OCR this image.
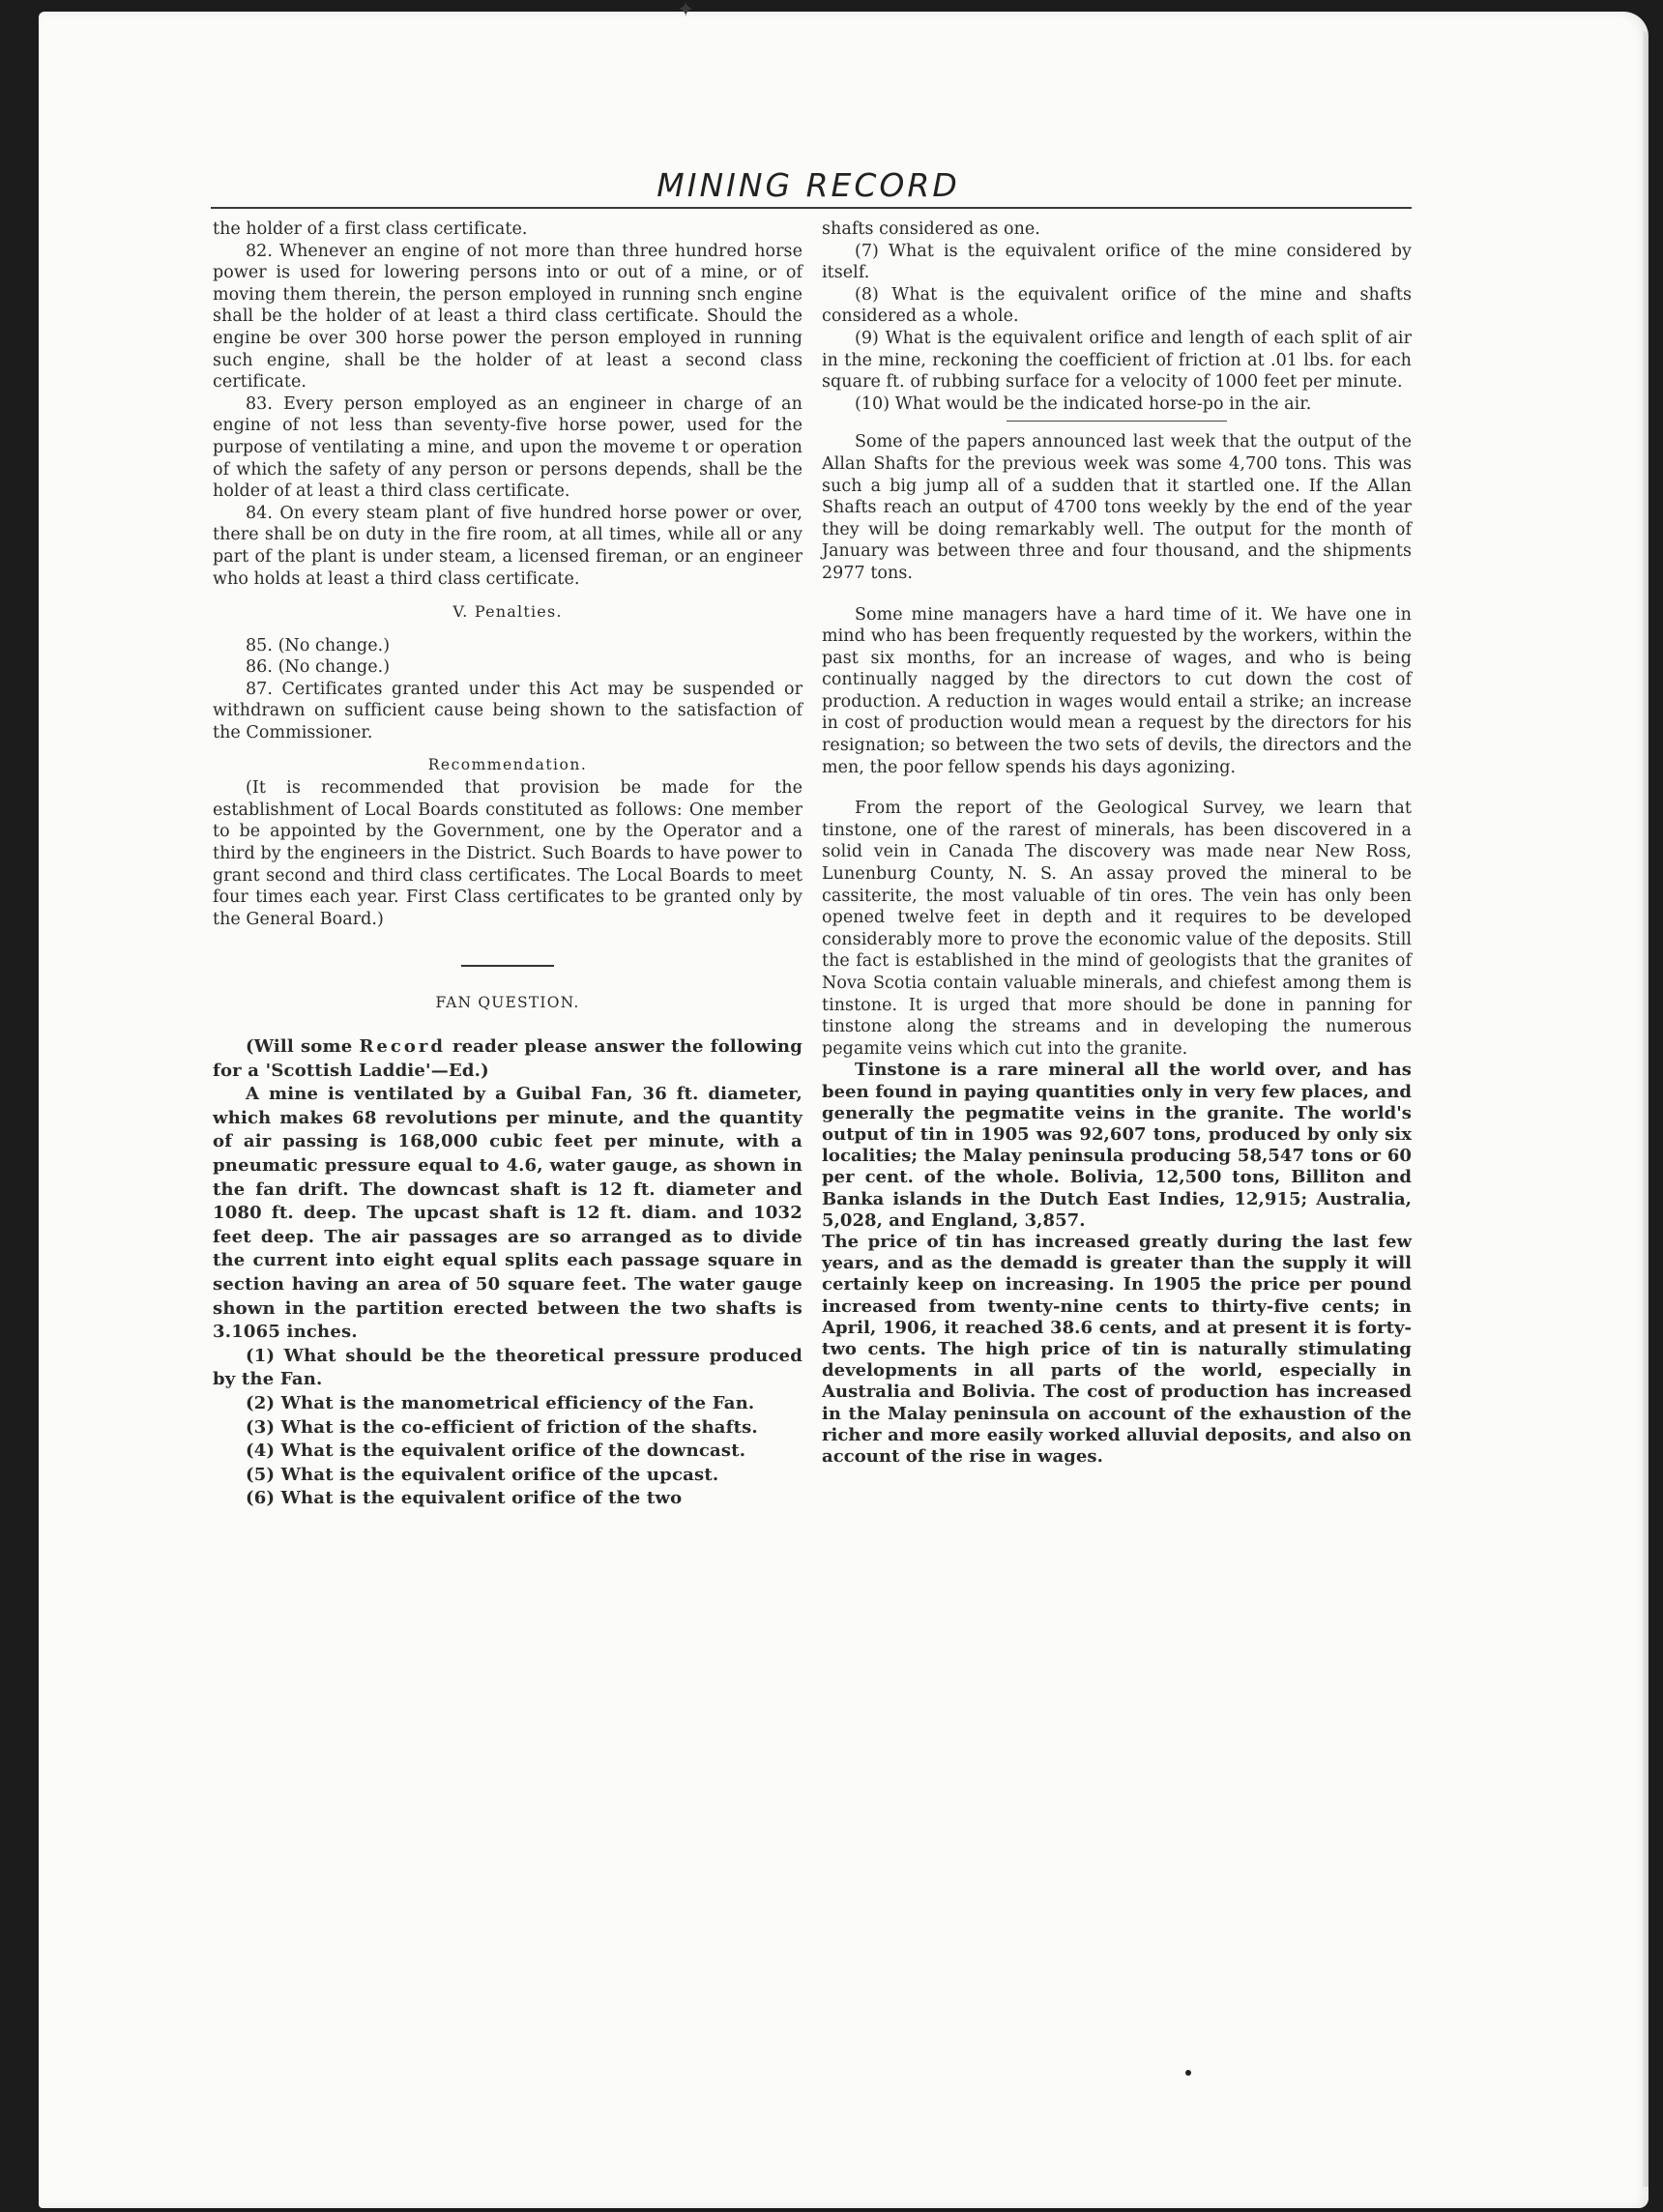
✦
MINING RECORD

the holder of a first class certificate.

82. Whenever an engine of not more than three hundred horse power is used for lowering persons into or out of a mine, or of moving them therein, the person employed in running snch engine shall be the holder of at least a third class certificate. Should the engine be over 300 horse power the person employed in running such engine, shall be the holder of at least a second class certificate.

83. Every person employed as an engineer in charge of an engine of not less than seventy-five horse power, used for the purpose of ventilating a mine, and upon the moveme t or operation of which the safety of any person or persons depends, shall be the holder of at least a third class certificate.

84. On every steam plant of five hundred horse power or over, there shall be on duty in the fire room, at all times, while all or any part of the plant is under steam, a licensed fireman, or an engineer who holds at least a third class certificate.

V. Penalties.

85. (No change.)

86. (No change.)

87. Certificates granted under this Act may be suspended or withdrawn on sufficient cause being shown to the satisfaction of the Commissioner.

Recommendation.

(It is recommended that provision be made for the establishment of Local Boards constituted as follows: One member to be appointed by the Government, one by the Operator and a third by the engineers in the District. Such Boards to have power to grant second and third class certificates. The Local Boards to meet four times each year. First Class certificates to be granted only by the General Board.)

FAN QUESTION.

(Will some Record reader please answer the following for a 'Scottish Laddie'—Ed.)

A mine is ventilated by a Guibal Fan, 36 ft. diameter, which makes 68 revolutions per minute, and the quantity of air passing is 168,000 cubic feet per minute, with a pneumatic pressure equal to 4.6, water gauge, as shown in the fan drift. The downcast shaft is 12 ft. diameter and 1080 ft. deep. The upcast shaft is 12 ft. diam. and 1032 feet deep. The air passages are so arranged as to divide the current into eight equal splits each passage square in section having an area of 50 square feet. The water gauge shown in the partition erected between the two shafts is 3.1065 inches.

(1) What should be the theoretical pressure produced by the Fan.

(2) What is the manometrical efficiency of the Fan.

(3) What is the co-efficient of friction of the shafts.

(4) What is the equivalent orifice of the downcast.

(5) What is the equivalent orifice of the upcast.

(6) What is the equivalent orifice of the two

shafts considered as one.

(7) What is the equivalent orifice of the mine considered by itself.

(8) What is the equivalent orifice of the mine and shafts considered as a whole.

(9) What is the equivalent orifice and length of each split of air in the mine, reckoning the coefficient of friction at .01 lbs. for each square ft. of rubbing surface for a velocity of 1000 feet per minute.

(10) What would be the indicated horse-po in the air.

Some of the papers announced last week that the output of the Allan Shafts for the previous week was some 4,700 tons. This was such a big jump all of a sudden that it startled one. If the Allan Shafts reach an output of 4700 tons weekly by the end of the year they will be doing remarkably well. The output for the month of January was between three and four thousand, and the shipments 2977 tons.

Some mine managers have a hard time of it. We have one in mind who has been frequently requested by the workers, within the past six months, for an increase of wages, and who is being continually nagged by the directors to cut down the cost of production. A reduction in wages would entail a strike; an increase in cost of production would mean a request by the directors for his resignation; so between the two sets of devils, the directors and the men, the poor fellow spends his days agonizing.

From the report of the Geological Survey, we learn that tinstone, one of the rarest of minerals, has been discovered in a solid vein in Canada The discovery was made near New Ross, Lunenburg County, N. S. An assay proved the mineral to be cassiterite, the most valuable of tin ores. The vein has only been opened twelve feet in depth and it requires to be developed considerably more to prove the economic value of the deposits. Still the fact is established in the mind of geologists that the granites of Nova Scotia contain valuable minerals, and chiefest among them is tinstone. It is urged that more should be done in panning for tinstone along the streams and in developing the numerous pegamite veins which cut into the granite.

Tinstone is a rare mineral all the world over, and has been found in paying quantities only in very few places, and generally the pegmatite veins in the granite. The world's output of tin in 1905 was 92,607 tons, produced by only six localities; the Malay peninsula producing 58,547 tons or 60 per cent. of the whole. Bolivia, 12,500 tons, Billiton and Banka islands in the Dutch East Indies, 12,915; Australia, 5,028, and England, 3,857.

The price of tin has increased greatly during the last few years, and as the demadd is greater than the supply it will certainly keep on increasing. In 1905 the price per pound increased from twenty-nine cents to thirty-five cents; in April, 1906, it reached 38.6 cents, and at present it is forty-two cents. The high price of tin is naturally stimulating developments in all parts of the world, especially in Australia and Bolivia. The cost of production has increased in the Malay peninsula on account of the exhaustion of the richer and more easily worked alluvial deposits, and also on account of the rise in wages.
